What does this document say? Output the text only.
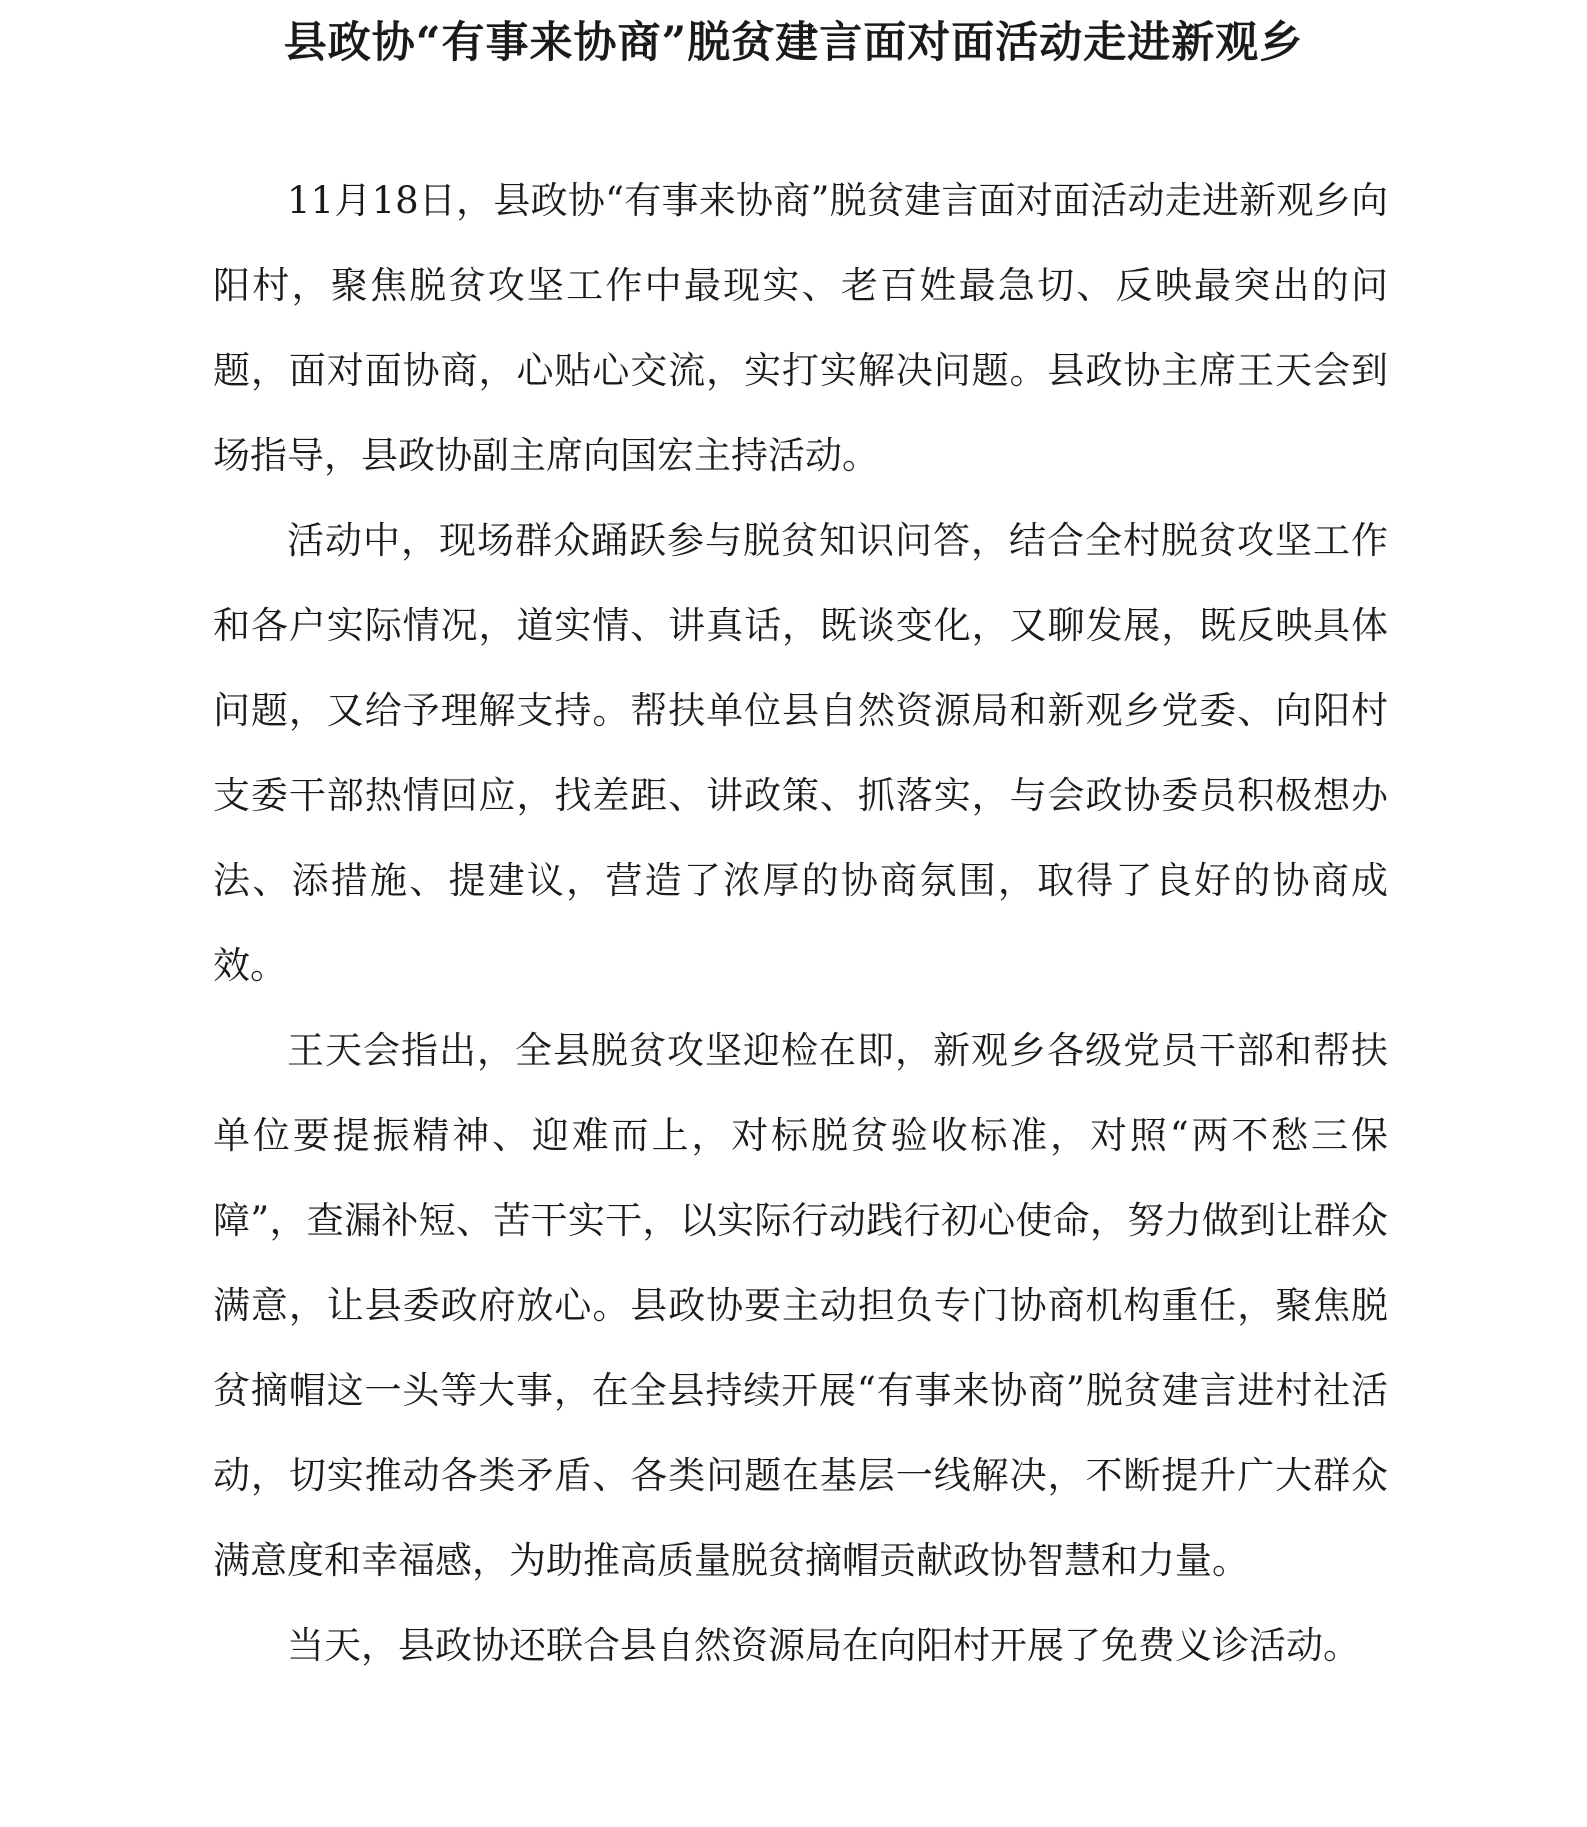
县政协“有事来协商”脱贫建言面对面活动走进新观乡

11月18日，县政协“有事来协商”脱贫建言面对面活动走进新观乡向阳村，聚焦脱贫攻坚工作中最现实、老百姓最急切、反映最突出的问题，面对面协商，心贴心交流，实打实解决问题。县政协主席王天会到场指导，县政协副主席向国宏主持活动。

活动中，现场群众踊跃参与脱贫知识问答，结合全村脱贫攻坚工作和各户实际情况，道实情、讲真话，既谈变化，又聊发展，既反映具体问题，又给予理解支持。帮扶单位县自然资源局和新观乡党委、向阳村支委干部热情回应，找差距、讲政策、抓落实，与会政协委员积极想办法、添措施、提建议，营造了浓厚的协商氛围，取得了良好的协商成效。

王天会指出，全县脱贫攻坚迎检在即，新观乡各级党员干部和帮扶单位要提振精神、迎难而上，对标脱贫验收标准，对照“两不愁三保障”，查漏补短、苦干实干，以实际行动践行初心使命，努力做到让群众满意，让县委政府放心。县政协要主动担负专门协商机构重任，聚焦脱贫摘帽这一头等大事，在全县持续开展“有事来协商”脱贫建言进村社活动，切实推动各类矛盾、各类问题在基层一线解决，不断提升广大群众满意度和幸福感，为助推高质量脱贫摘帽贡献政协智慧和力量。

当天，县政协还联合县自然资源局在向阳村开展了免费义诊活动。
